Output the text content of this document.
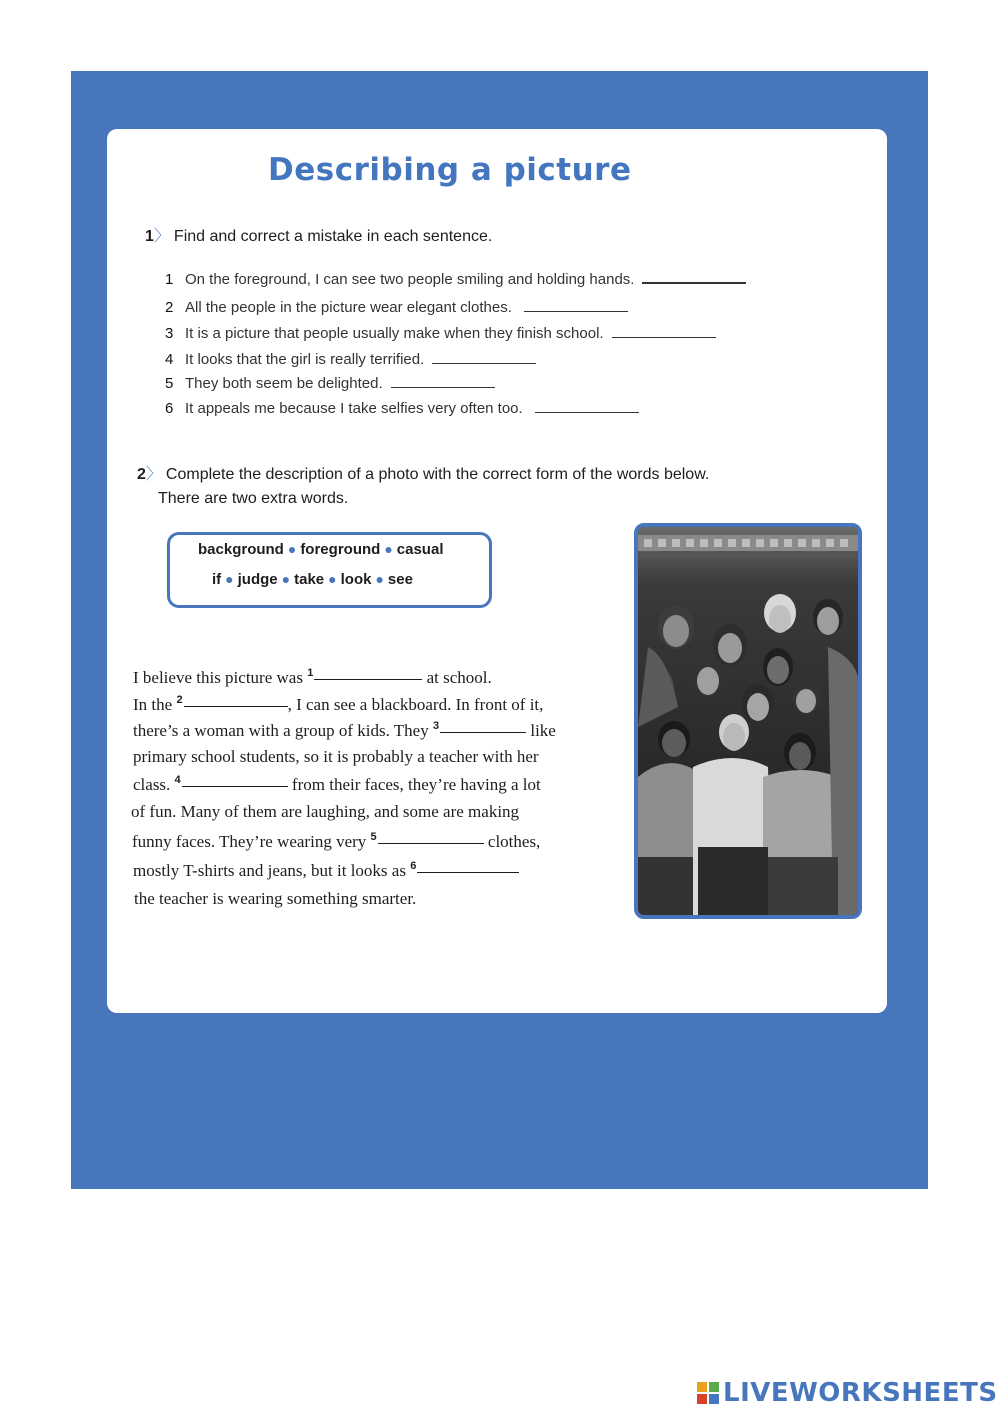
Describing a picture
1〉 Find and correct a mistake in each sentence.
1 On the foreground, I can see two people smiling and holding hands.
2 All the people in the picture wear elegant clothes.
3 It is a picture that people usually make when they finish school.
4 It looks that the girl is really terrified.
5 They both seem be delighted.
6 It appeals me because I take selfies very often too.
2〉 Complete the description of a photo with the correct form of the words below.
There are two extra words.
background ● foreground ● casual
if ● judge ● take ● look ● see
I believe this picture was $^1$	at school.
In the $^2$	, I can see a blackboard. In front of it,
there’s a woman with a group of kids. They $^3$	like
primary school students, so it is probably a teacher with her
class. $^4$	from their faces, they’re having a lot
of fun. Many of them are laughing, and some are making
funny faces. They’re wearing very $^5$	clothes,
mostly T-shirts and jeans, but it looks as $^6$
the teacher is wearing something smarter.
LIVEWORKSHEETS
